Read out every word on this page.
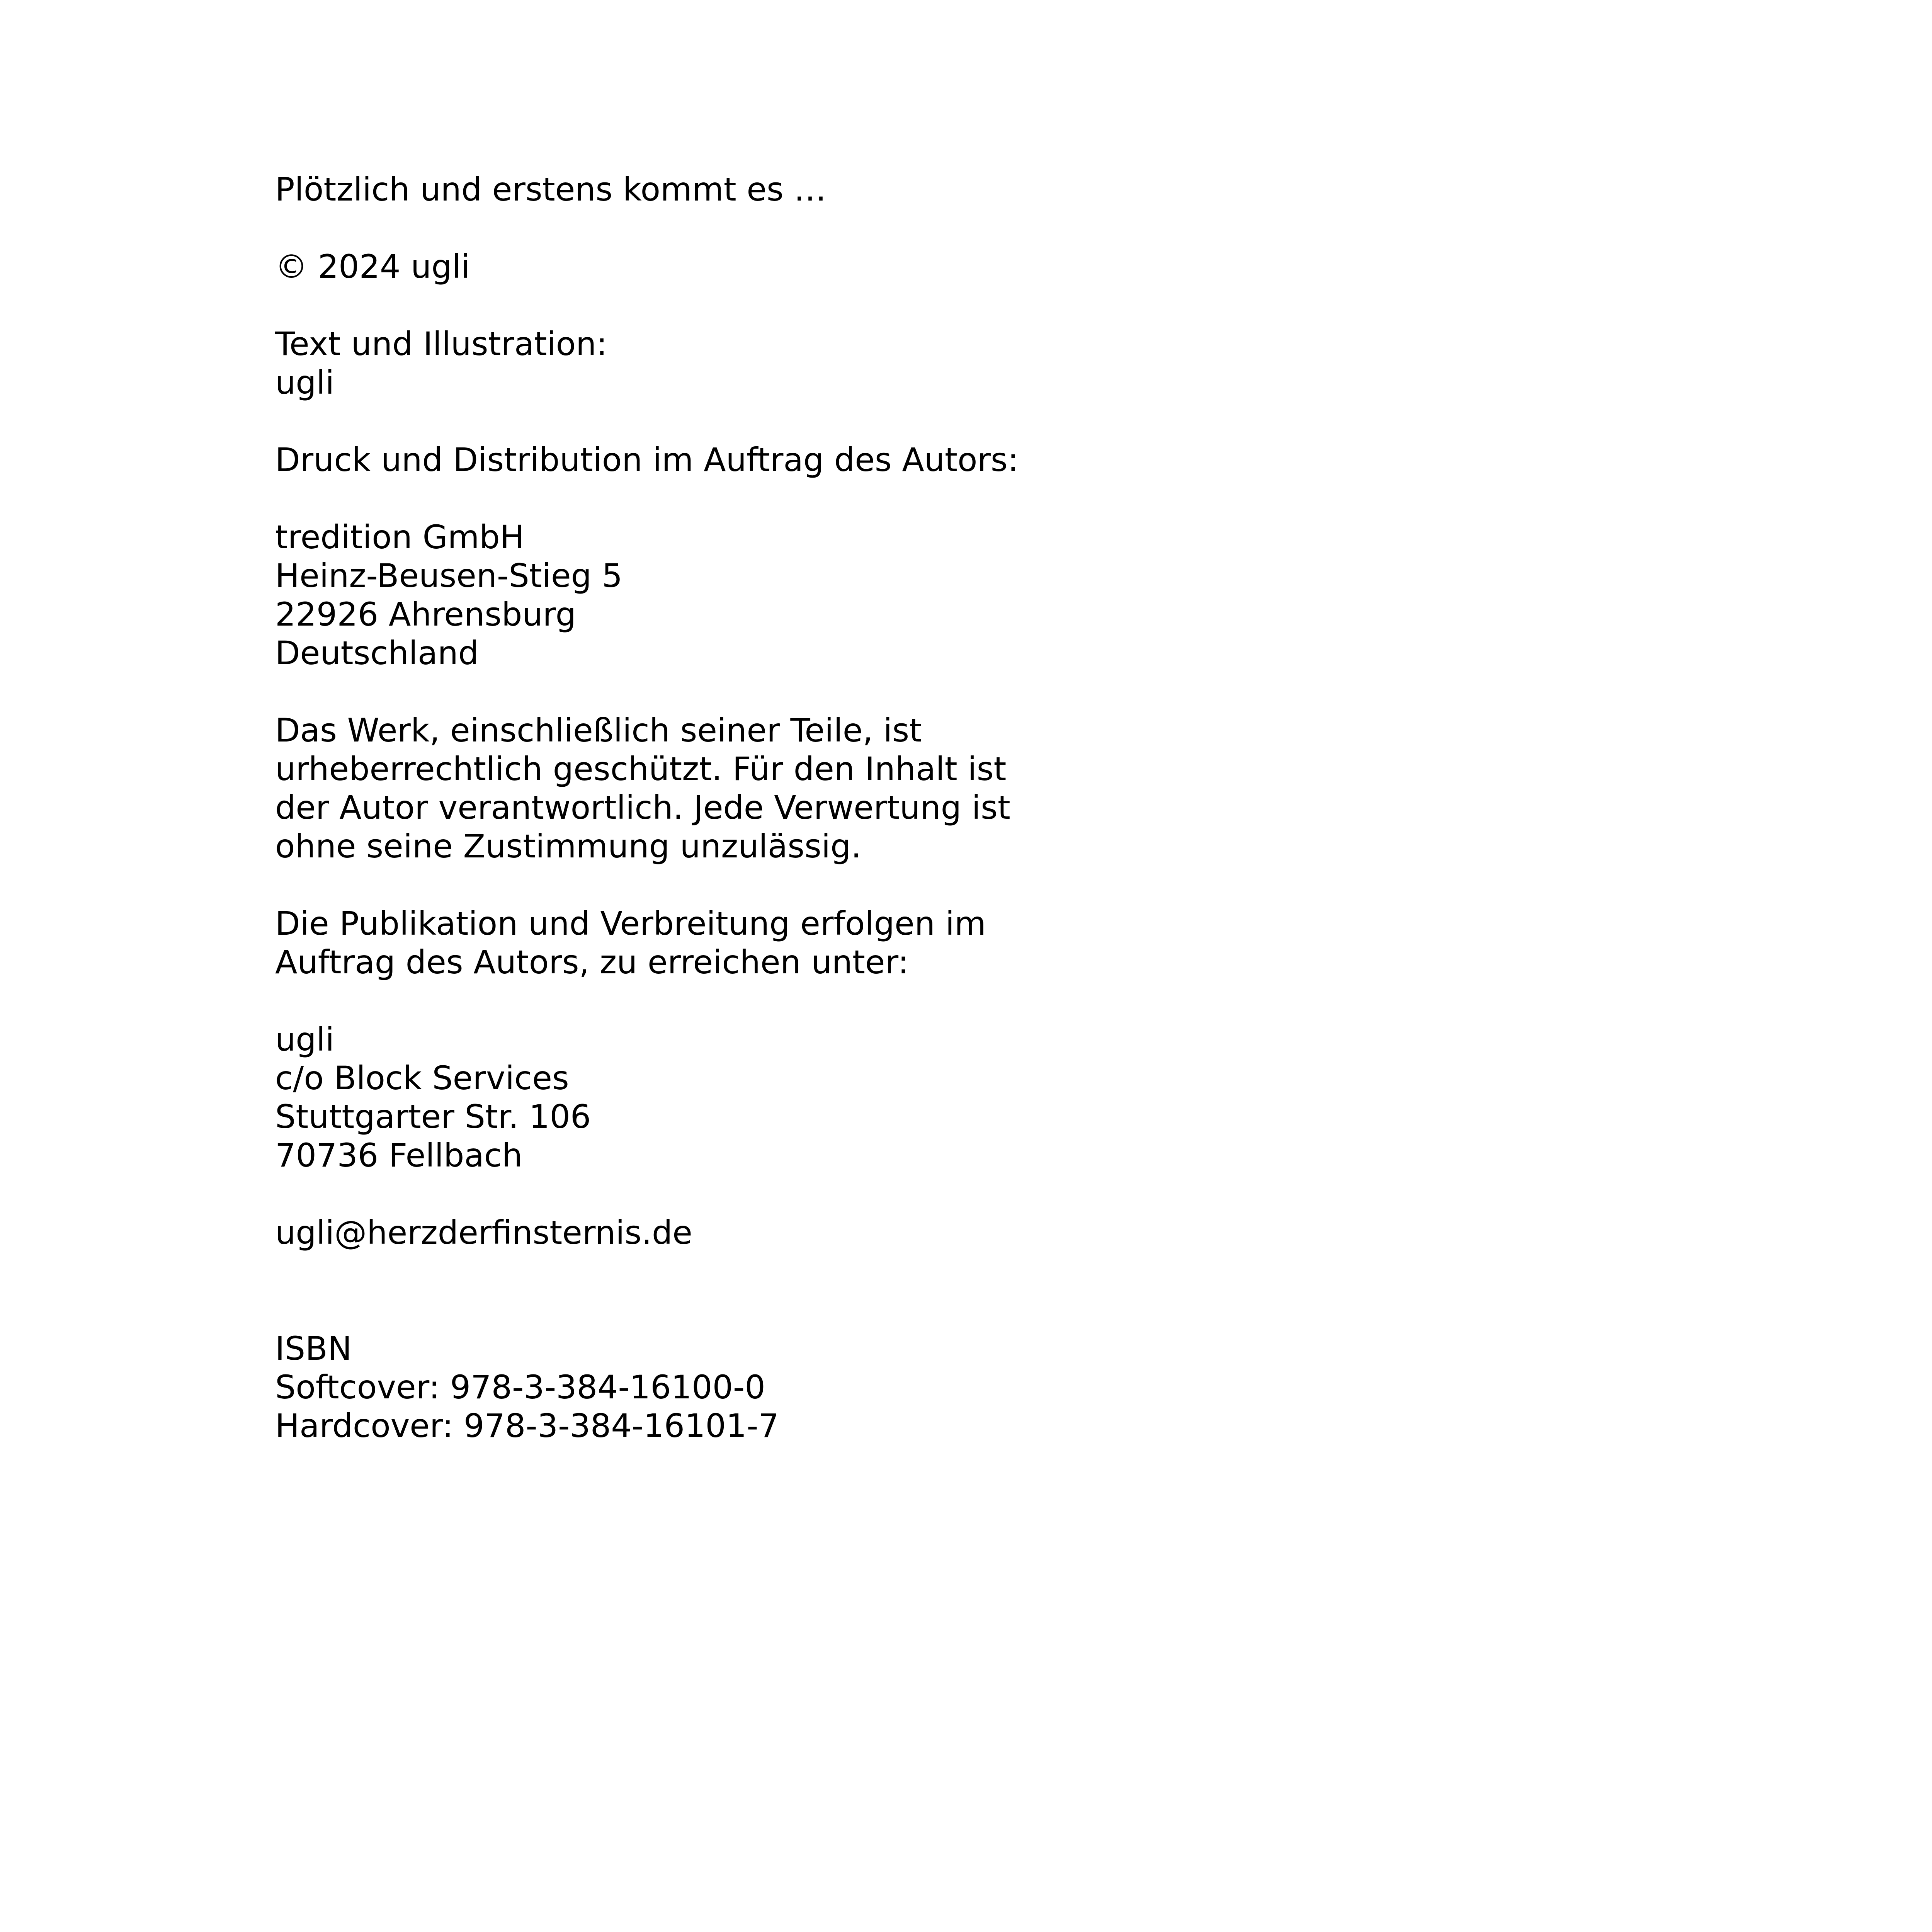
Plötzlich und erstens kommt es …
© 2024 ugli
Text und Illustration:
ugli
Druck und Distribution im Auftrag des Autors:
tredition GmbH
Heinz-Beusen-Stieg 5
22926 Ahrensburg
Deutschland
Das Werk, einschließlich seiner Teile, ist
urheberrechtlich geschützt. Für den Inhalt ist
der Autor verantwortlich. Jede Verwertung ist
ohne seine Zustimmung unzulässig.
Die Publikation und Verbreitung erfolgen im
Auftrag des Autors, zu erreichen unter:
ugli
c/o Block Services
Stuttgarter Str. 106
70736 Fellbach
ugli@herzderfinsternis.de
ISBN
Softcover: 978-3-384-16100-0
Hardcover: 978-3-384-16101-7
